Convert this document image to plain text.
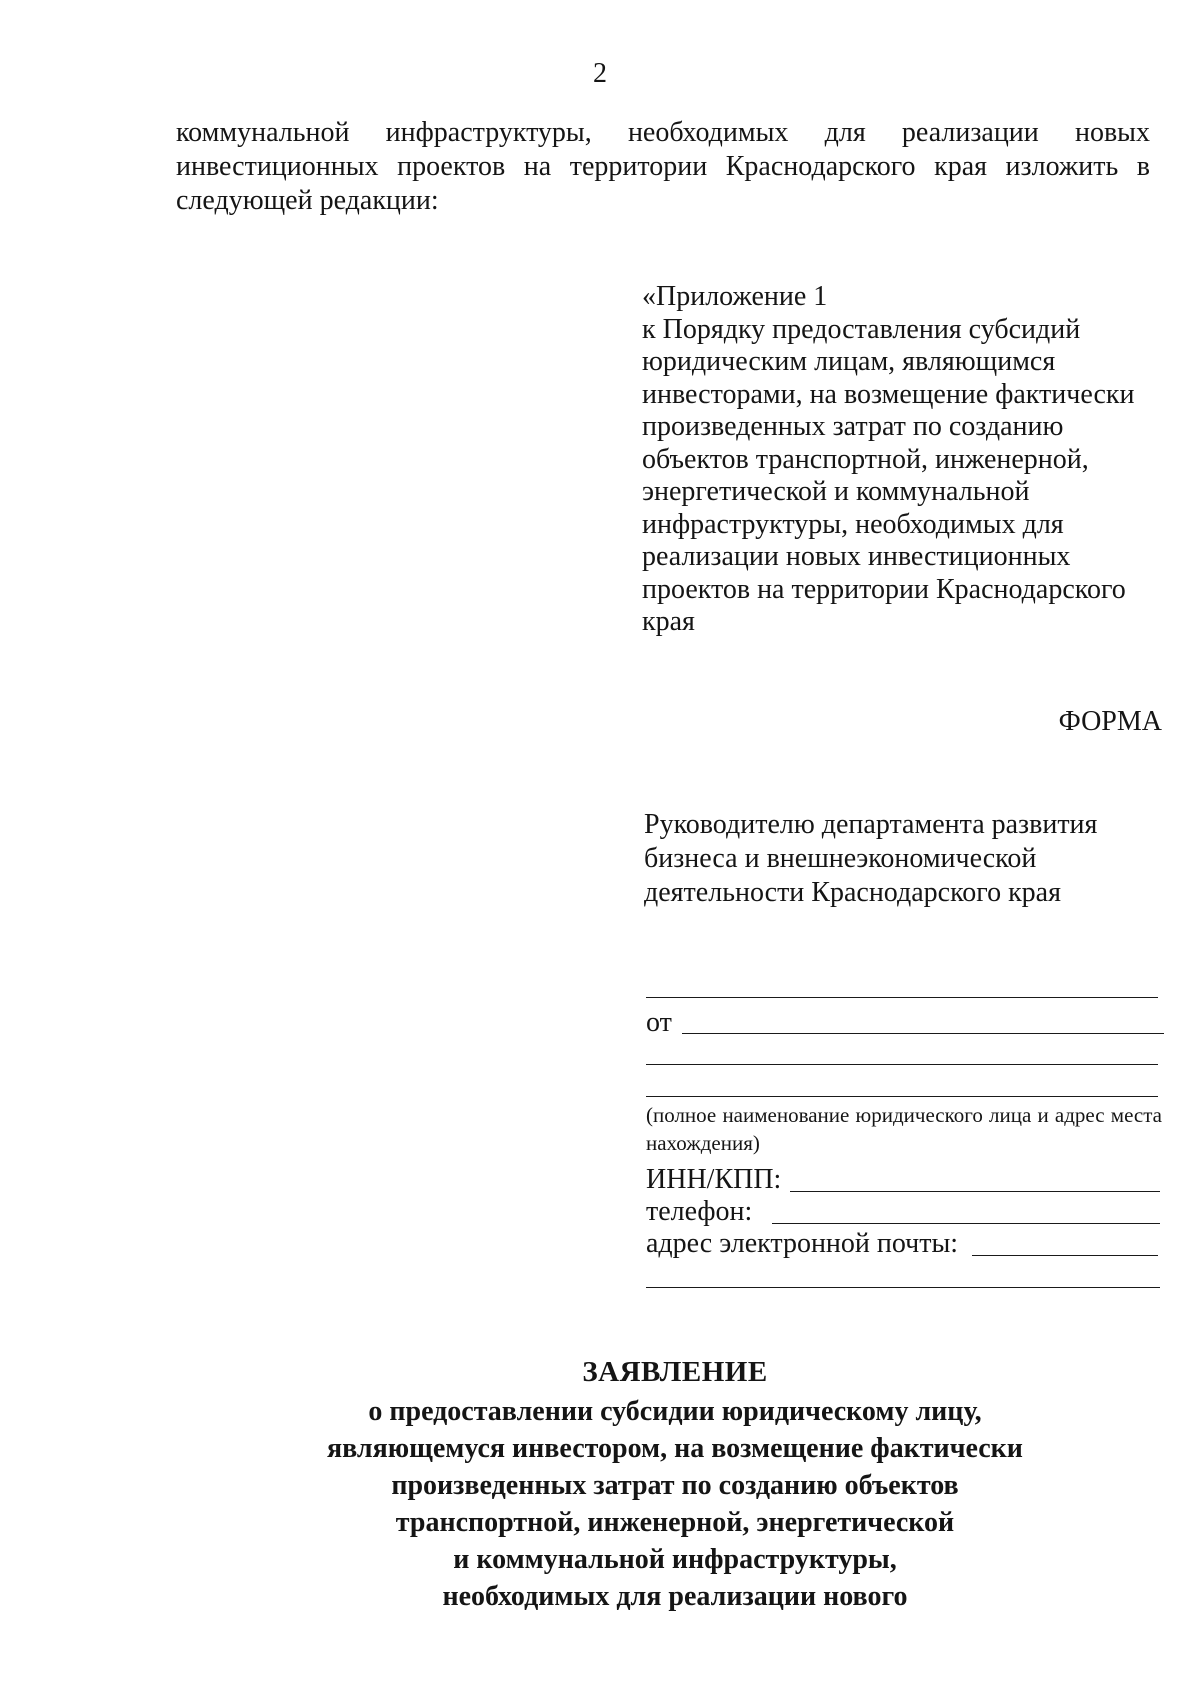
2
коммунальной инфраструктуры, необходимых для реализации новых
инвестиционных проектов на территории Краснодарского края изложить в
следующей редакции:
«Приложение 1
к Порядку предоставления субсидий
юридическим лицам, являющимся
инвесторами, на возмещение фактически
произведенных затрат по созданию
объектов транспортной, инженерной,
энергетической и коммунальной
инфраструктуры, необходимых для
реализации новых инвестиционных
проектов на территории Краснодарского
края
ФОРМА
Руководителю департамента развития
бизнеса и внешнеэкономической
деятельности Краснодарского края
от
(полное наименование юридического лица и адрес места нахождения)
ИНН/КПП:
телефон:
адрес электронной почты:
ЗАЯВЛЕНИЕ
о предоставлении субсидии юридическому лицу,
являющемуся инвестором, на возмещение фактически
произведенных затрат по созданию объектов
транспортной, инженерной, энергетической
и коммунальной инфраструктуры,
необходимых для реализации нового
